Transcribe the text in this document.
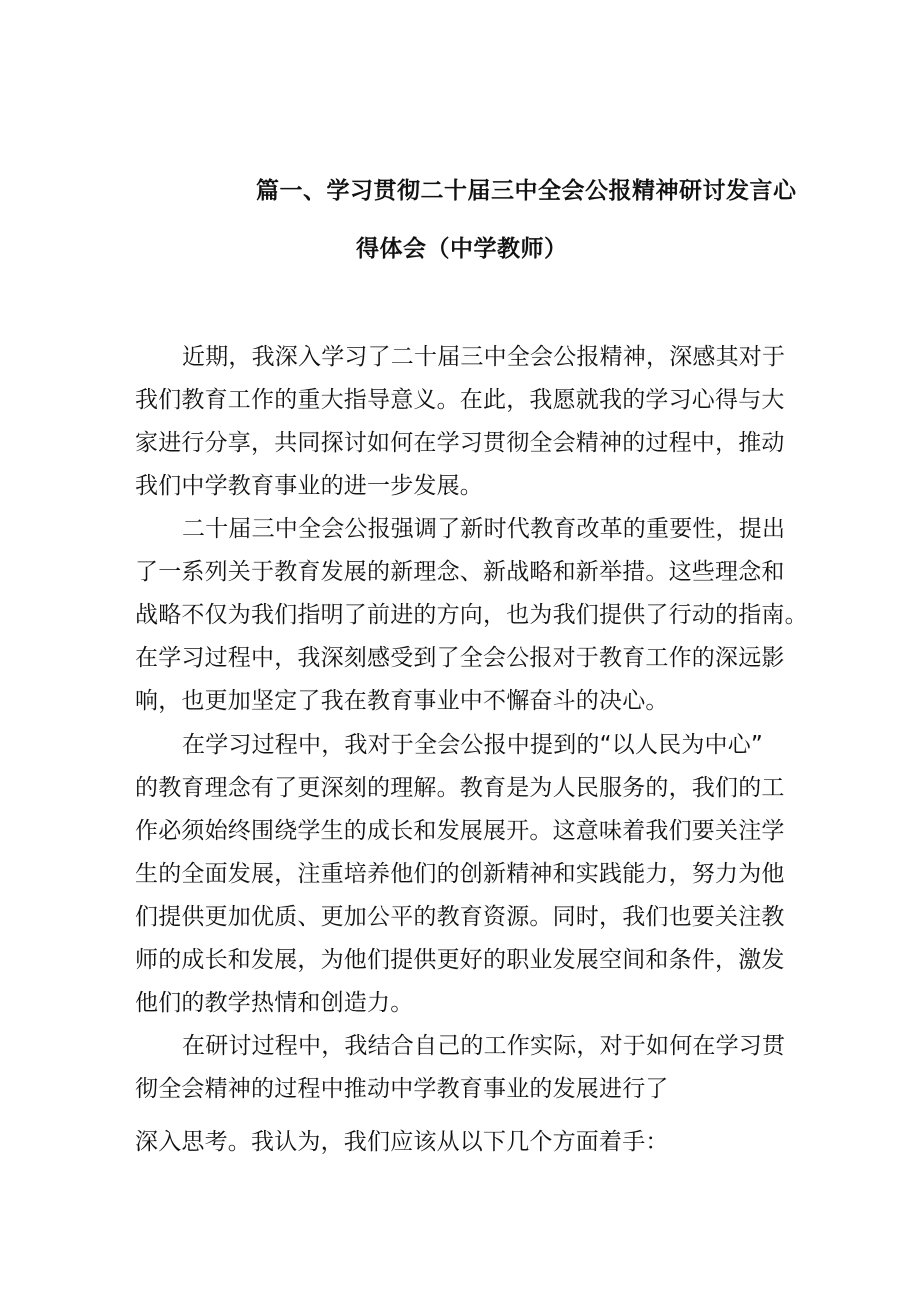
篇一、学习贯彻二十届三中全会公报精神研讨发言心
得体会（中学教师）
近期，我深入学习了二十届三中全会公报精神，深感其对于
我们教育工作的重大指导意义。在此，我愿就我的学习心得与大
家进行分享，共同探讨如何在学习贯彻全会精神的过程中，推动
我们中学教育事业的进一步发展。
二十届三中全会公报强调了新时代教育改革的重要性，提出
了一系列关于教育发展的新理念、新战略和新举措。这些理念和
战略不仅为我们指明了前进的方向，也为我们提供了行动的指南。
在学习过程中，我深刻感受到了全会公报对于教育工作的深远影
响，也更加坚定了我在教育事业中不懈奋斗的决心。
在学习过程中，我对于全会公报中提到的“以人民为中心”
的教育理念有了更深刻的理解。教育是为人民服务的，我们的工
作必须始终围绕学生的成长和发展展开。这意味着我们要关注学
生的全面发展，注重培养他们的创新精神和实践能力，努力为他
们提供更加优质、更加公平的教育资源。同时，我们也要关注教
师的成长和发展，为他们提供更好的职业发展空间和条件，激发
他们的教学热情和创造力。
在研讨过程中，我结合自己的工作实际，对于如何在学习贯
彻全会精神的过程中推动中学教育事业的发展进行了
深入思考。我认为，我们应该从以下几个方面着手：
